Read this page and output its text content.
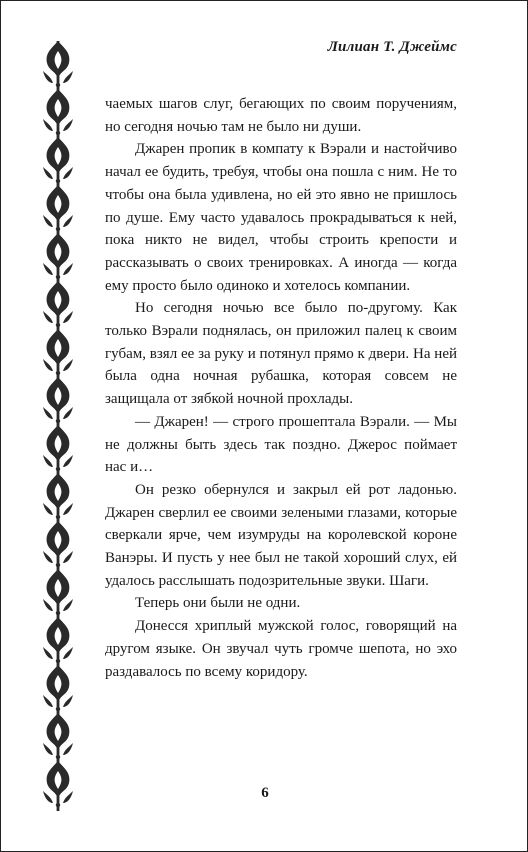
Лилиан Т. Джеймс

чаемых шагов слуг, бегающих по своим поручениям, но сегодня ночью там не было ни души.

Джарен пропик в компату к Вэрали и настойчиво начал ее будить, требуя, чтобы она пошла с ним. Не то чтобы она была удивлена, но ей это явно не пришлось по душе. Ему часто удавалось прокрадываться к ней, пока никто не видел, чтобы строить крепости и рассказывать о своих тренировках. А иногда — когда ему просто было одиноко и хотелось компании.

Но сегодня ночью все было по-другому. Как только Вэрали поднялась, он приложил палец к своим губам, взял ее за руку и потянул прямо к двери. На ней была одна ночная рубашка, которая совсем не защищала от зябкой ночной прохлады.

— Джарен! — строго прошептала Вэрали. — Мы не должны быть здесь так поздно. Джерос поймает нас и…

Он резко обернулся и закрыл ей рот ладонью. Джарен сверлил ее своими зелеными глазами, которые сверкали ярче, чем изумруды на королевской короне Ванэры. И пусть у нее был не такой хороший слух, ей удалось расслышать подозрительные звуки. Шаги.

Теперь они были не одни.

Донесся хриплый мужской голос, говорящий на другом языке. Он звучал чуть громче шепота, но эхо раздавалось по всему коридору.

6
